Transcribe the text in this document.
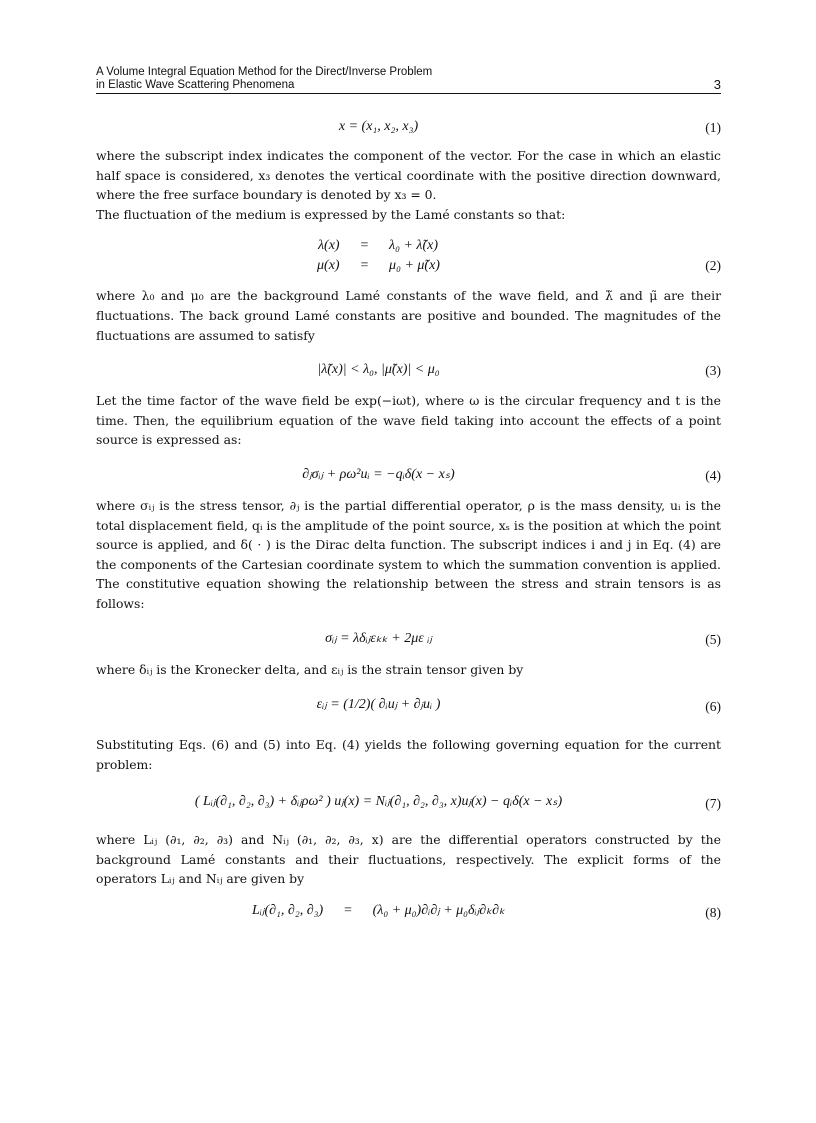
A Volume Integral Equation Method for the Direct/Inverse Problem
in Elastic Wave Scattering Phenomena	3
x = (x₁, x₂, x₃)	(1)

where the subscript index indicates the component of the vector. For the case in which an elastic half space is considered, x₃ denotes the vertical coordinate with the positive direction downward, where the free surface boundary is denoted by x₃ = 0.

The fluctuation of the medium is expressed by the Lamé constants so that:

λ(x)	=	λ₀ + λ̃(x)
μ(x)	=	μ₀ + μ̃(x)	(2)

where λ₀ and μ₀ are the background Lamé constants of the wave field, and λ̃ and μ̃ are their fluctuations. The back ground Lamé constants are positive and bounded. The magnitudes of the fluctuations are assumed to satisfy

|λ̃(x)| < λ₀, |μ̃(x)| < μ₀	(3)

Let the time factor of the wave field be exp(−iωt), where ω is the circular frequency and t is the time. Then, the equilibrium equation of the wave field taking into account the effects of a point source is expressed as:

∂ⱼσᵢⱼ + ρω²uᵢ = −qᵢδ(x − xₛ)	(4)

where σᵢⱼ is the stress tensor, ∂ⱼ is the partial differential operator, ρ is the mass density, uᵢ is the total displacement field, qᵢ is the amplitude of the point source, xₛ is the position at which the point source is applied, and δ( · ) is the Dirac delta function. The subscript indices i and j in Eq. (4) are the components of the Cartesian coordinate system to which the summation convention is applied. The constitutive equation showing the relationship between the stress and strain tensors is as follows:

σᵢⱼ = λδᵢⱼεₖₖ + 2με ᵢⱼ	(5)

where δᵢⱼ is the Kronecker delta, and εᵢⱼ is the strain tensor given by

εᵢⱼ = (1/2)( ∂ᵢuⱼ + ∂ⱼuᵢ )	(6)

Substituting Eqs. (6) and (5) into Eq. (4) yields the following governing equation for the current problem:

( Lᵢⱼ(∂₁, ∂₂, ∂₃) + δᵢⱼρω² ) uⱼ(x) = Nᵢⱼ(∂₁, ∂₂, ∂₃, x)uⱼ(x) − qᵢδ(x − xₛ)	(7)

where Lᵢⱼ (∂₁, ∂₂, ∂₃) and Nᵢⱼ (∂₁, ∂₂, ∂₃, x) are the differential operators constructed by the background Lamé constants and their fluctuations, respectively. The explicit forms of the operators Lᵢⱼ and Nᵢⱼ are given by

Lᵢⱼ(∂₁, ∂₂, ∂₃)	=	(λ₀ + μ₀)∂ᵢ∂ⱼ + μ₀δᵢⱼ∂ₖ∂ₖ	(8)
